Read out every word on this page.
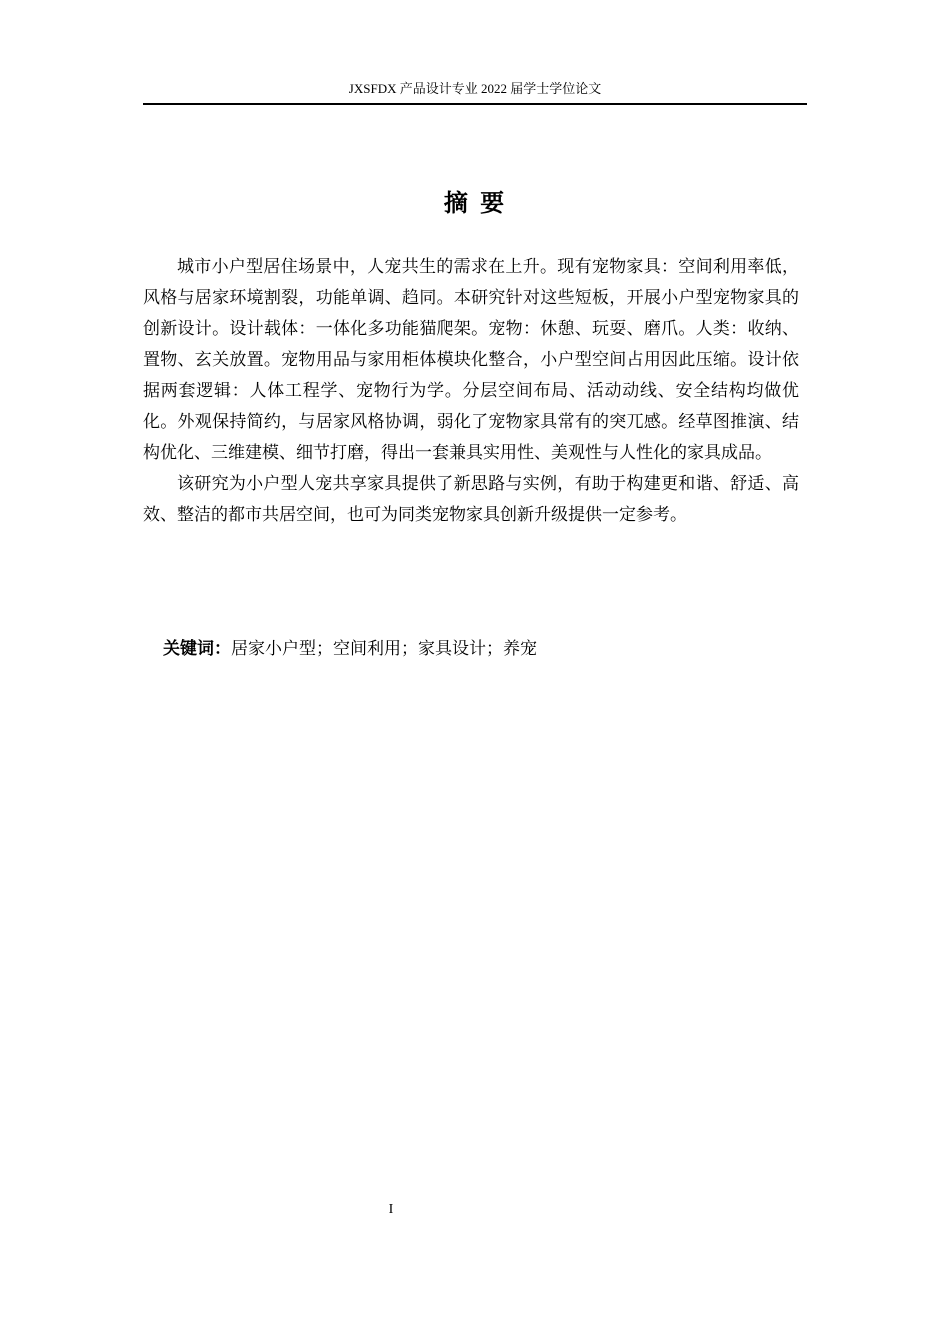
JXSFDX 产品设计专业 2022 届学士学位论文
摘 要

城市小户型居住场景中，人宠共生的需求在上升。现有宠物家具：空间利用率低，风格与居家环境割裂，功能单调、趋同。本研究针对这些短板，开展小户型宠物家具的创新设计。设计载体：一体化多功能猫爬架。宠物：休憩、玩耍、磨爪。人类：收纳、置物、玄关放置。宠物用品与家用柜体模块化整合，小户型空间占用因此压缩。设计依据两套逻辑：人体工程学、宠物行为学。分层空间布局、活动动线、安全结构均做优化。外观保持简约，与居家风格协调，弱化了宠物家具常有的突兀感。经草图推演、结构优化、三维建模、细节打磨，得出一套兼具实用性、美观性与人性化的家具成品。

该研究为小户型人宠共享家具提供了新思路与实例，有助于构建更和谐、舒适、高效、整洁的都市共居空间，也可为同类宠物家具创新升级提供一定参考。

关键词：居家小户型；空间利用；家具设计；养宠
I
